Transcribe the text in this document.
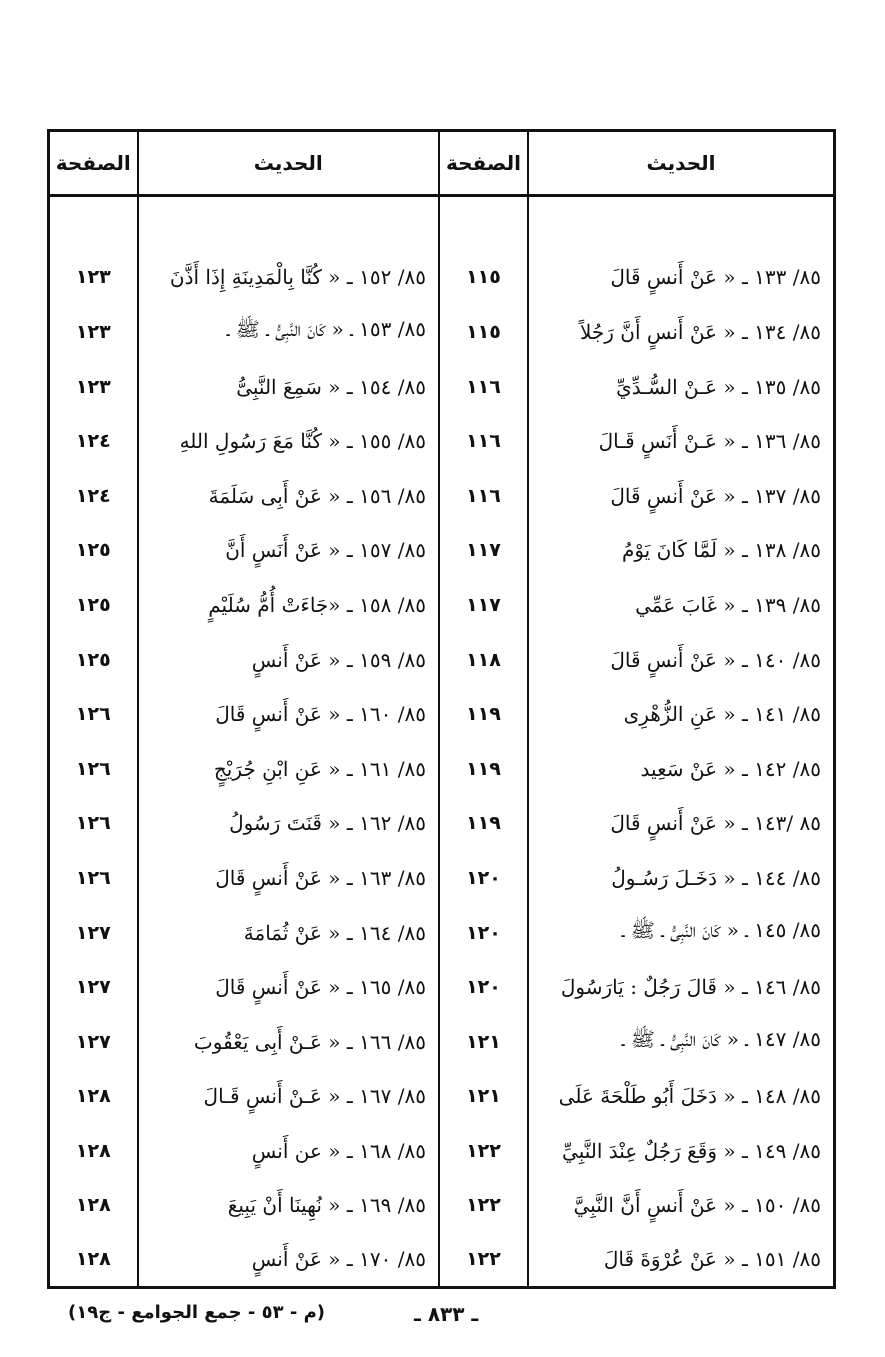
الحديث	الصفحة	الحديث	الصفحة

٨٥/ ١٣٣ ـ « عَنْ أَنسٍ قَالَ	١١٥	٨٥/ ١٥٢ ـ « كُنَّا بِالْمَدِينَةِ إِذَا أَذَّنَ	١٢٣
٨٥/ ١٣٤ ـ « عَنْ أَنسٍ أَنَّ رَجُلاً	١١٥	٨٥/ ١٥٣ ـ « كَانَ النَّبِىُّ ـ ﷺ ـ	١٢٣
٨٥/ ١٣٥ ـ « عَـنْ السُّـدِّيِّ	١١٦	٨٥/ ١٥٤ ـ « سَمِعَ النَّبِىُّ	١٢٣
٨٥/ ١٣٦ ـ « عَـنْ أَنَسٍ قَـالَ	١١٦	٨٥/ ١٥٥ ـ « كُنَّا مَعَ رَسُولِ اللهِ	١٢٤
٨٥/ ١٣٧ ـ « عَنْ أَنسٍ قَالَ	١١٦	٨٥/ ١٥٦ ـ « عَنْ أَبِى سَلَمَةَ	١٢٤
٨٥/ ١٣٨ ـ « لَمَّا كَانَ يَوْمُ	١١٧	٨٥/ ١٥٧ ـ « عَنْ أَنَسٍ أَنَّ	١٢٥
٨٥/ ١٣٩ ـ « غَابَ عَمِّي	١١٧	٨٥/ ١٥٨ ـ «جَاءَتْ أُمُّ سُلَيْمٍ	١٢٥
٨٥/ ١٤٠ ـ « عَنْ أَنسٍ قَالَ	١١٨	٨٥/ ١٥٩ ـ « عَنْ أَنسٍ	١٢٥
٨٥/ ١٤١ ـ « عَنِ الزُّهْرِى	١١٩	٨٥/ ١٦٠ ـ « عَنْ أَنسٍ قَالَ	١٢٦
٨٥/ ١٤٢ ـ « عَنْ سَعِيد	١١٩	٨٥/ ١٦١ ـ « عَنِ ابْنِ جُرَيْجٍ	١٢٦
٨٥ /١٤٣ ـ « عَنْ أَنسٍ قَالَ	١١٩	٨٥/ ١٦٢ ـ « قَنَتَ رَسُولُ	١٢٦
٨٥/ ١٤٤ ـ « دَخَـلَ رَسُـولُ	١٢٠	٨٥/ ١٦٣ ـ « عَنْ أَنسٍ قَالَ	١٢٦
٨٥/ ١٤٥ ـ « كَانَ النَّبِىُّ ـ ﷺ ـ	١٢٠	٨٥/ ١٦٤ ـ « عَنْ ثُمَامَةَ	١٢٧
٨٥/ ١٤٦ ـ « قَالَ رَجُلٌ : يَارَسُولَ	١٢٠	٨٥/ ١٦٥ ـ « عَنْ أَنسٍ قَالَ	١٢٧
٨٥/ ١٤٧ ـ « كَانَ النَّبِىُّ ـ ﷺ ـ	١٢١	٨٥/ ١٦٦ ـ « عَـنْ أَبِى يَعْقُوبَ	١٢٧
٨٥/ ١٤٨ ـ « دَخَلَ أَبُو طَلْحَةَ عَلَى	١٢١	٨٥/ ١٦٧ ـ « عَـنْ أَنسٍ قَـالَ	١٢٨
٨٥/ ١٤٩ ـ « وَقَعَ رَجُلٌ عِنْدَ النَّبِيِّ	١٢٢	٨٥/ ١٦٨ ـ « عن أَنسٍ	١٢٨
٨٥/ ١٥٠ ـ « عَنْ أَنسٍ أَنَّ النَّبِيَّ	١٢٢	٨٥/ ١٦٩ ـ « نُهِينَا أَنْ يَبِيعَ	١٢٨
٨٥/ ١٥١ ـ « عَنْ عُرْوَةَ قَالَ	١٢٢	٨٥/ ١٧٠ ـ « عَنْ أَنسٍ	١٢٨
ـ ٨٣٣ ـ
(م - ٥٣ - جمع الجوامع - ج١٩)
